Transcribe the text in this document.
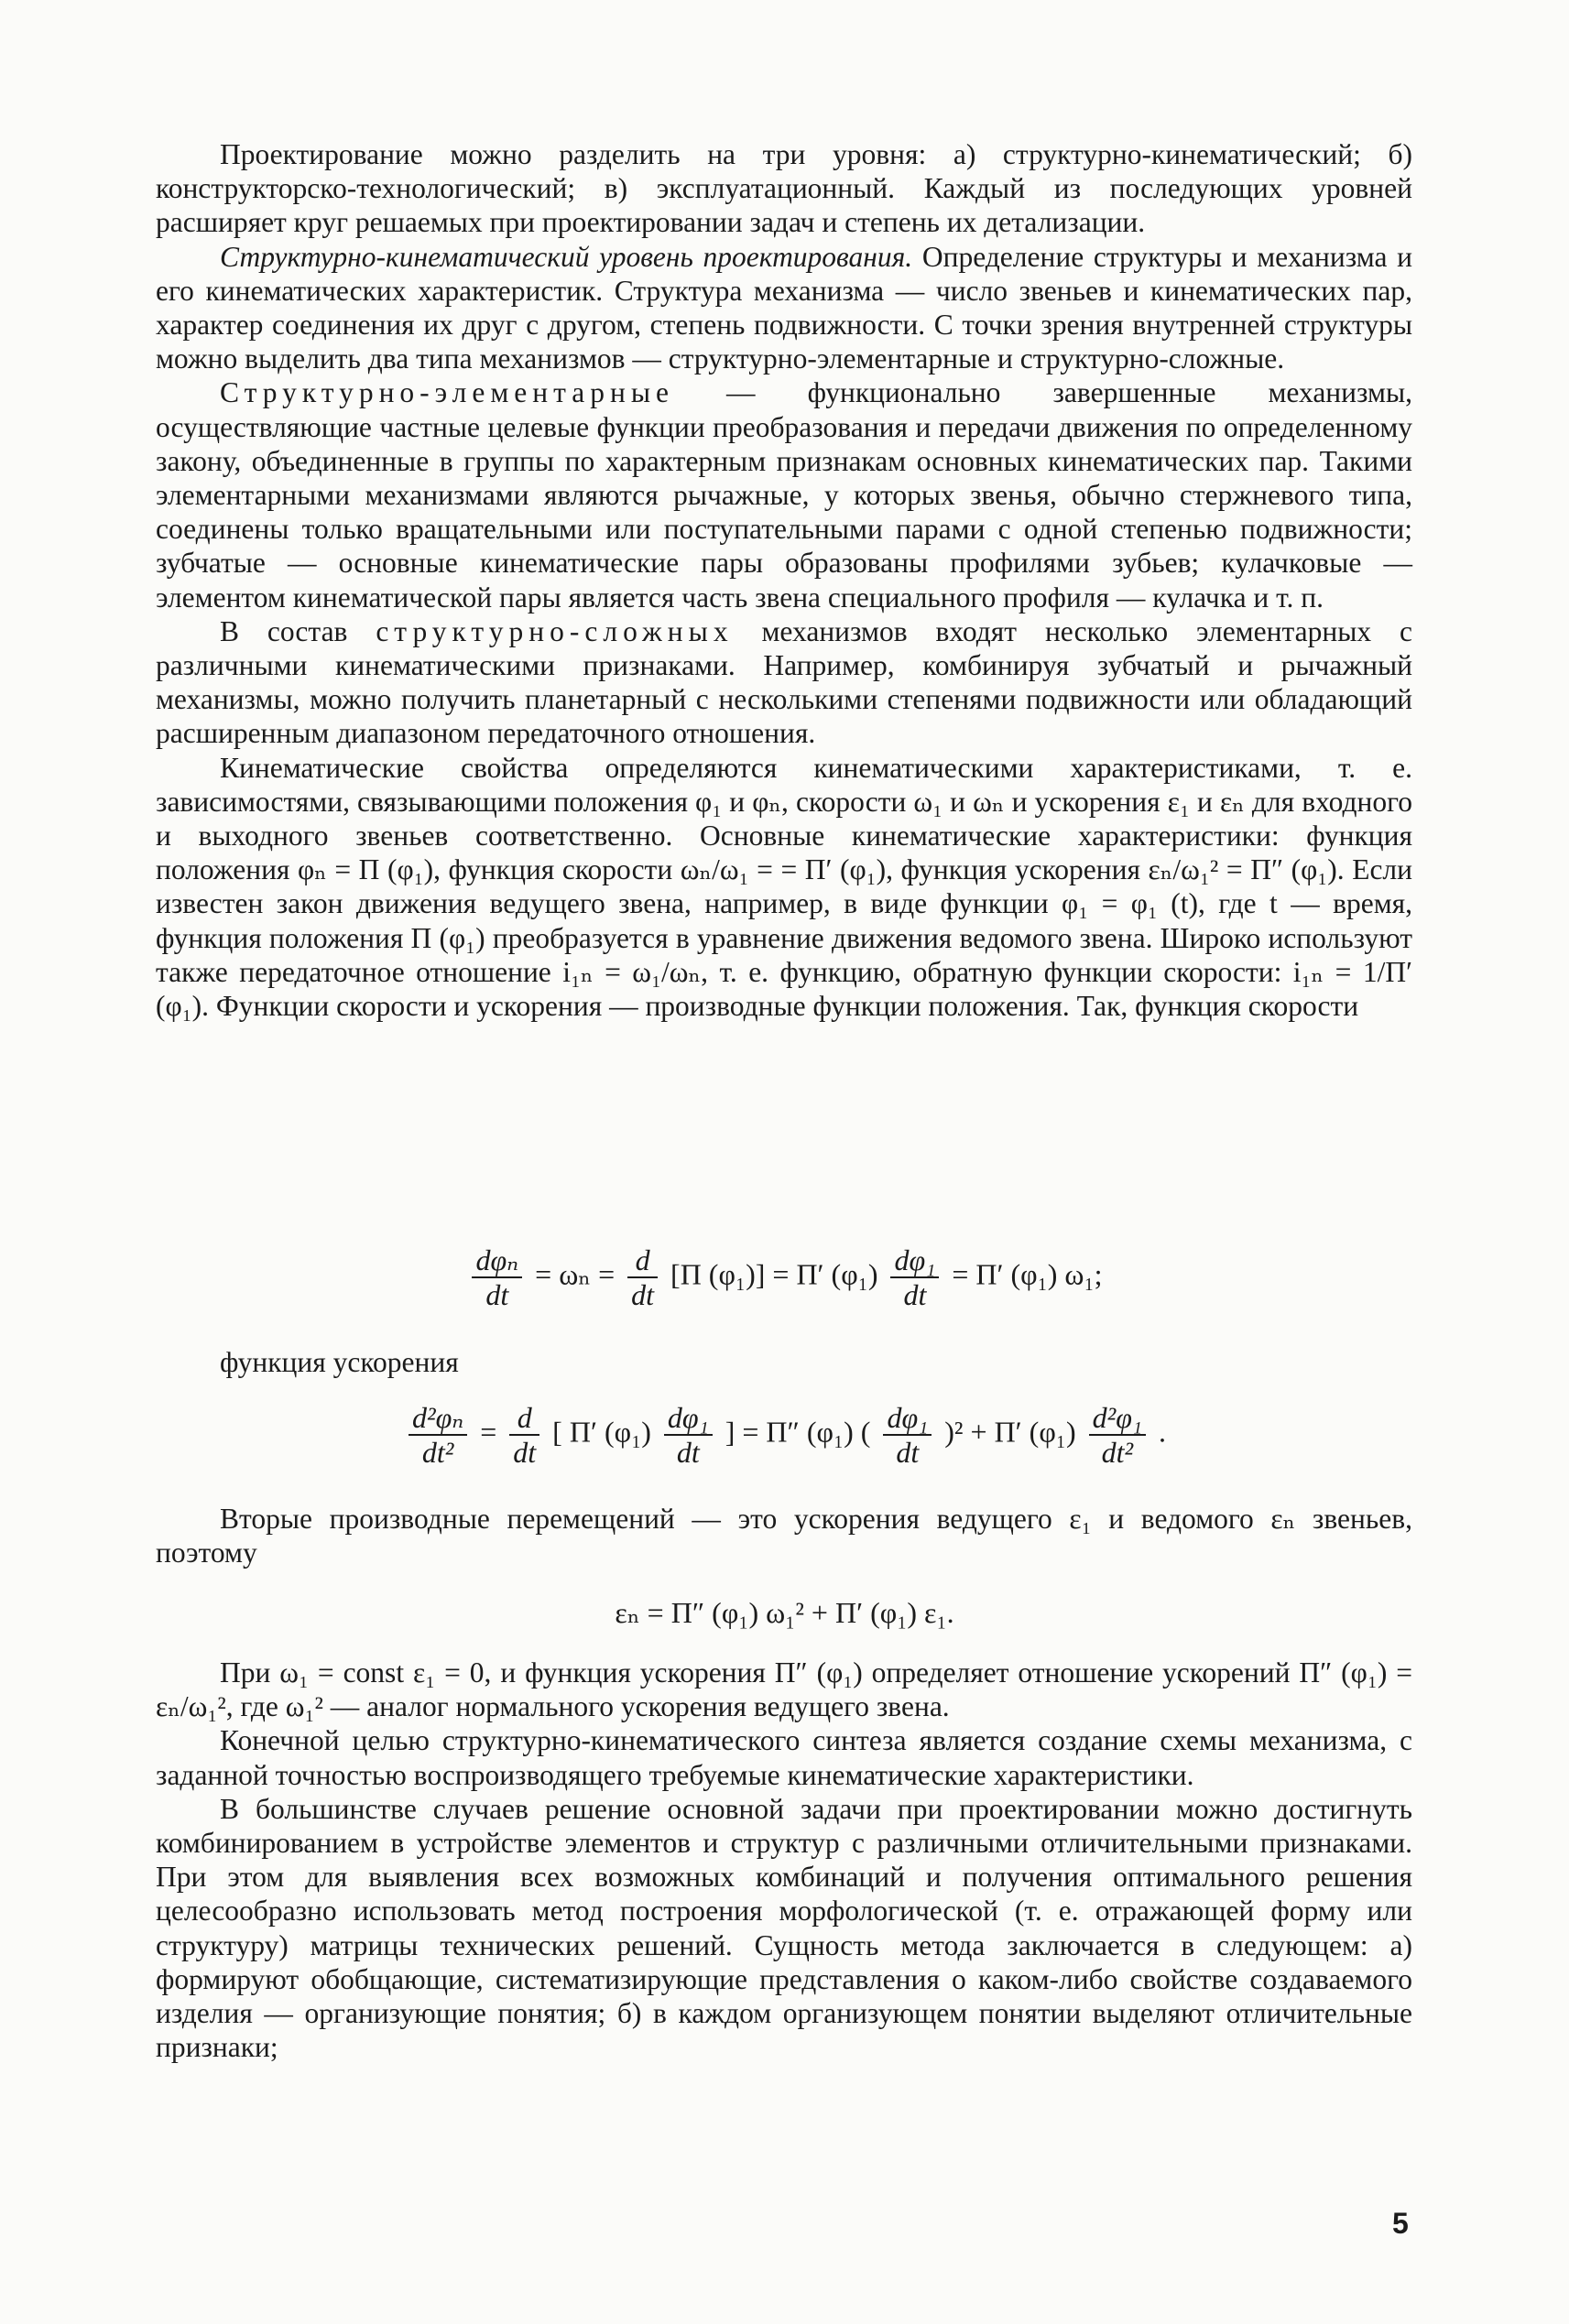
Проектирование можно разделить на три уровня: а) структурно-кинематический; б) конструкторско-технологический; в) эксплуатационный. Каждый из последующих уровней расширяет круг решаемых при проектировании задач и степень их детализации.

Структурно-кинематический уровень проектирования. Определение структуры и механизма и его кинематических характеристик. Структура механизма — число звеньев и кинематических пар, характер соединения их друг с другом, степень подвижности. С точки зрения внутренней структуры можно выделить два типа механизмов — структурно-элементарные и структурно-сложные.

Структурно-элементарные — функционально завершенные механизмы, осуществляющие частные целевые функции преобразования и передачи движения по определенному закону, объединенные в группы по характерным признакам основных кинематических пар. Такими элементарными механизмами являются рычажные, у которых звенья, обычно стержневого типа, соединены только вращательными или поступательными парами с одной степенью подвижности; зубчатые — основные кинематические пары образованы профилями зубьев; кулачковые — элементом кинематической пары является часть звена специального профиля — кулачка и т. п.

В состав структурно-сложных механизмов входят несколько элементарных с различными кинематическими признаками. Например, комбинируя зубчатый и рычажный механизмы, можно получить планетарный с несколькими степенями подвижности или обладающий расширенным диапазоном передаточного отношения.

Кинематические свойства определяются кинематическими характеристиками, т. е. зависимостями, связывающими положения φ₁ и φₙ, скорости ω₁ и ωₙ и ускорения ε₁ и εₙ для входного и выходного звеньев соответственно. Основные кинематические характеристики: функция положения φₙ = П (φ₁), функция скорости ωₙ/ω₁ = = П′ (φ₁), функция ускорения εₙ/ω₁² = П″ (φ₁). Если известен закон движения ведущего звена, например, в виде функции φ₁ = φ₁ (t), где t — время, функция положения П (φ₁) преобразуется в уравнение движения ведомого звена. Широко используют также передаточное отношение i₁ₙ = ω₁/ωₙ, т. е. функцию, обратную функции скорости: i₁ₙ = 1/П′ (φ₁). Функции скорости и ускорения — производные функции положения. Так, функция скорости

$\frac{\text{dφₙ}}{dt} = \omega_n = \frac{d}{dt} [П$ (φ₁)] = П′ $(\varphi_1) \frac{\text{dφ₁}}{dt} = П'$ (φ₁) ω₁;
функция ускорения
$\frac{\text{d²φₙ}}{\text{dt²}} = \frac{d}{dt}$ [ П′ $(\varphi_1) \frac{\text{dφ₁}}{dt}$ ] = П″ (φ₁) ( $\frac{\text{dφ₁}}{dt} )^2 + П'$ $(\varphi_1) \frac{\text{d²φ₁}}{\text{dt²}}$ .

Вторые производные перемещений — это ускорения ведущего ε₁ и ведомого εₙ звеньев, поэтому

εₙ = П″ (φ₁) ω₁² + П′ (φ₁) ε₁.

При ω₁ = const ε₁ = 0, и функция ускорения П″ (φ₁) определяет отношение ускорений П″ (φ₁) = εₙ/ω₁², где ω₁² — аналог нормального ускорения ведущего звена.

Конечной целью структурно-кинематического синтеза является создание схемы механизма, с заданной точностью воспроизводящего требуемые кинематические характеристики.

В большинстве случаев решение основной задачи при проектировании можно достигнуть комбинированием в устройстве элементов и структур с различными отличительными признаками. При этом для выявления всех возможных комбинаций и получения оптимального решения целесообразно использовать метод построения морфологической (т. е. отражающей форму или структуру) матрицы технических решений. Сущность метода заключается в следующем: а) формируют обобщающие, систематизирующие представления о каком-либо свойстве создаваемого изделия — организующие понятия; б) в каждом организующем понятии выделяют отличительные признаки;

5
